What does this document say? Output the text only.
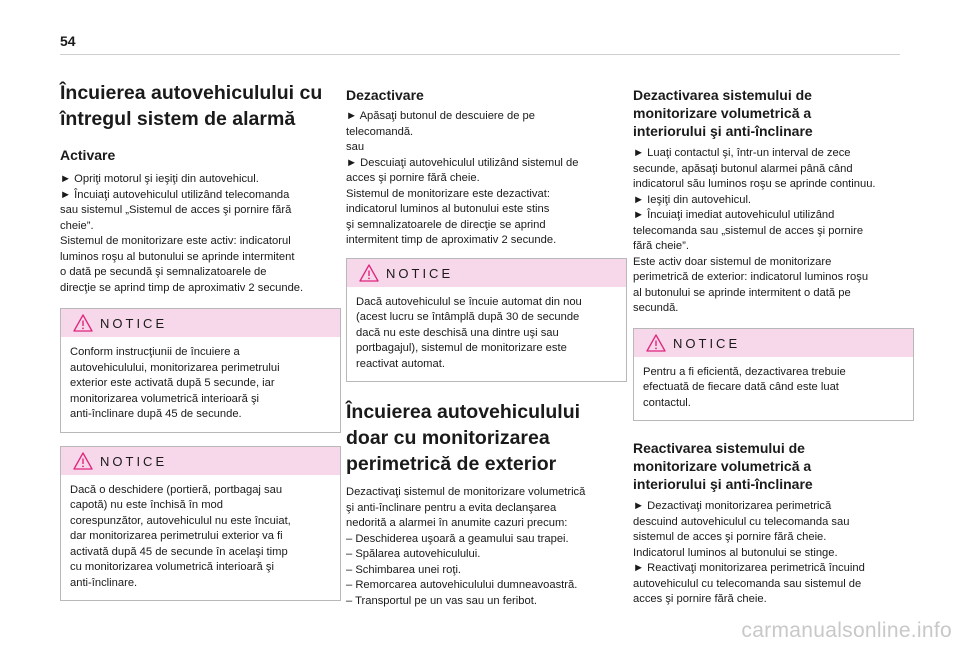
54
Încuierea autovehiculului cu
întregul sistem de alarmă
Activare
► Opriţi motorul şi ieşiţi din autovehicul.
► Încuiaţi autovehiculul utilizând telecomanda
sau sistemul „Sistemul de acces şi pornire fără
cheie”.
Sistemul de monitorizare este activ: indicatorul
luminos roşu al butonului se aprinde intermitent
o dată pe secundă şi semnalizatoarele de
direcţie se aprind timp de aproximativ 2 secunde.
NOTICE
Conform instrucţiunii de încuiere a
autovehiculului, monitorizarea perimetrului
exterior este activată după 5 secunde, iar
monitorizarea volumetrică interioară şi
anti-înclinare după 45 de secunde.
NOTICE
Dacă o deschidere (portieră, portbagaj sau
capotă) nu este închisă în mod
corespunzător, autovehiculul nu este încuiat,
dar monitorizarea perimetrului exterior va fi
activată după 45 de secunde în acelaşi timp
cu monitorizarea volumetrică interioară şi
anti-înclinare.
Dezactivare
► Apăsaţi butonul de descuiere de pe
telecomandă.
sau
► Descuiaţi autovehiculul utilizând sistemul de
acces şi pornire fără cheie.
Sistemul de monitorizare este dezactivat:
indicatorul luminos al butonului este stins
şi semnalizatoarele de direcţie se aprind
intermitent timp de aproximativ 2 secunde.
NOTICE
Dacă autovehiculul se încuie automat din nou
(acest lucru se întâmplă după 30 de secunde
dacă nu este deschisă una dintre uşi sau
portbagajul), sistemul de monitorizare este
reactivat automat.
Încuierea autovehiculului
doar cu monitorizarea
perimetrică de exterior
Dezactivaţi sistemul de monitorizare volumetrică
şi anti-înclinare pentru a evita declanşarea
nedorită a alarmei în anumite cazuri precum:
– Deschiderea uşoară a geamului sau trapei.
– Spălarea autovehiculului.
– Schimbarea unei roţi.
– Remorcarea autovehiculului dumneavoastră.
– Transportul pe un vas sau un feribot.
Dezactivarea sistemului de
monitorizare volumetrică a
interiorului şi anti-înclinare
► Luaţi contactul şi, într-un interval de zece
secunde, apăsaţi butonul alarmei până când
indicatorul său luminos roşu se aprinde continuu.
► Ieşiţi din autovehicul.
► Încuiaţi imediat autovehiculul utilizând
telecomanda sau „sistemul de acces şi pornire
fără cheie”.
Este activ doar sistemul de monitorizare
perimetrică de exterior: indicatorul luminos roşu
al butonului se aprinde intermitent o dată pe
secundă.
NOTICE
Pentru a fi eficientă, dezactivarea trebuie
efectuată de fiecare dată când este luat
contactul.
Reactivarea sistemului de
monitorizare volumetrică a
interiorului şi anti-înclinare
► Dezactivaţi monitorizarea perimetrică
descuind autovehiculul cu telecomanda sau
sistemul de acces şi pornire fără cheie.
Indicatorul luminos al butonului se stinge.
► Reactivaţi monitorizarea perimetrică încuind
autovehiculul cu telecomanda sau sistemul de
acces şi pornire fără cheie.
carmanualsonline.info
